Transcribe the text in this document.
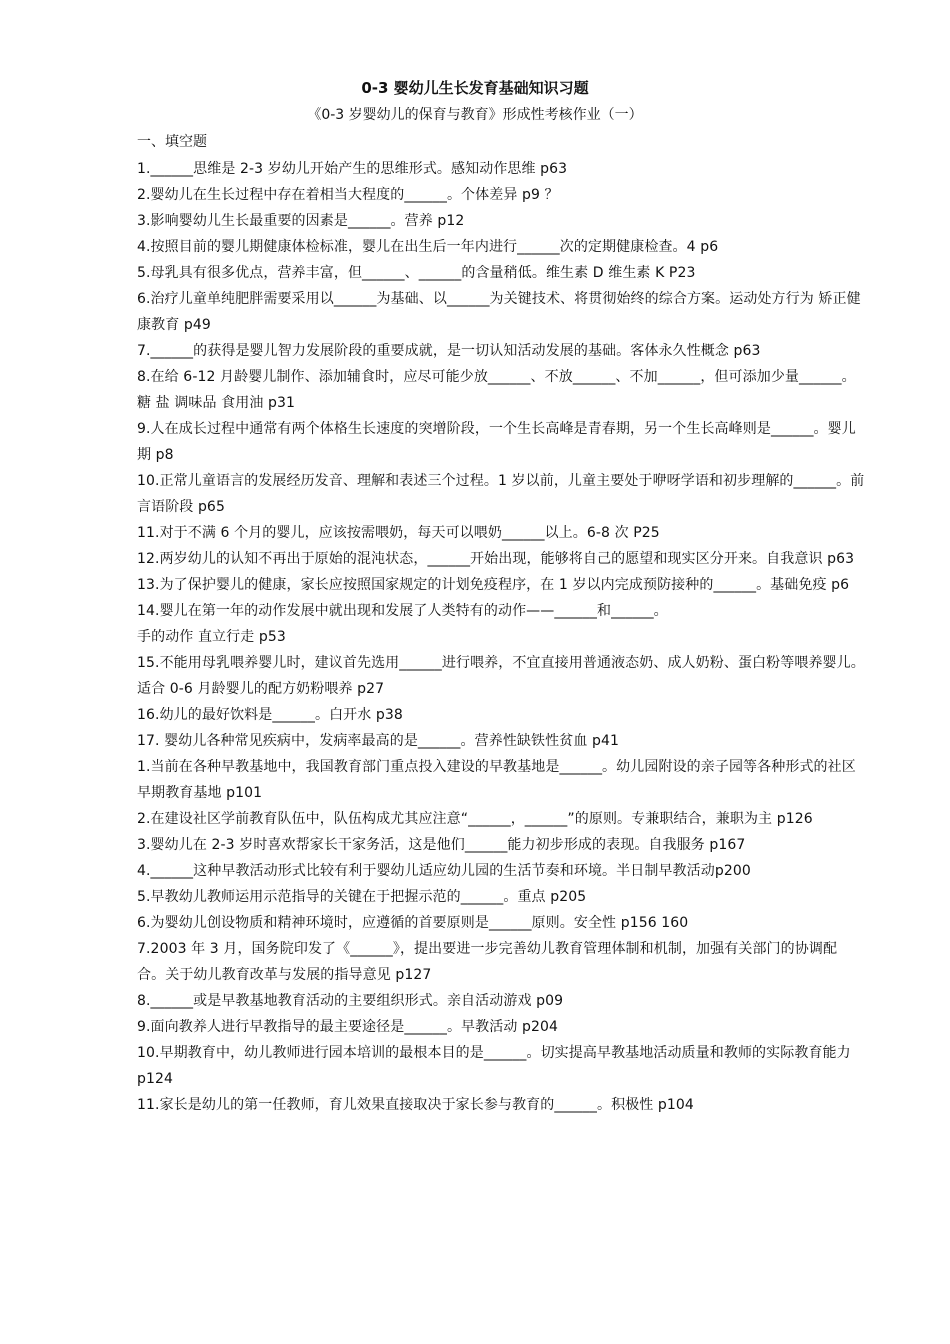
0-3 婴幼儿生长发育基础知识习题
《0-3 岁婴幼儿的保育与教育》形成性考核作业（一）
一、填空题

1.______思维是 2-3 岁幼儿开始产生的思维形式。感知动作思维 p63

2.婴幼儿在生长过程中存在着相当大程度的______。个体差异 p9 ？

3.影响婴幼儿生长最重要的因素是______。营养 p12

4.按照目前的婴儿期健康体检标准，婴儿在出生后一年内进行______次的定期健康检查。4 p6

5.母乳具有很多优点，营养丰富，但______、______的含量稍低。维生素 D 维生素 K P23

6.治疗儿童单纯肥胖需要采用以______为基础、以______为关键技术、将贯彻始终的综合方案。运动处方行为 矫正健康教育 p49

7.______的获得是婴儿智力发展阶段的重要成就，是一切认知活动发展的基础。客体永久性概念 p63

8.在给 6-12 月龄婴儿制作、添加辅食时，应尽可能少放______、不放______、不加______，但可添加少量______。糖 盐 调味品 食用油 p31

9.人在成长过程中通常有两个体格生长速度的突增阶段，一个生长高峰是青春期，另一个生长高峰则是______。婴儿期 p8

10.正常儿童语言的发展经历发音、理解和表述三个过程。1 岁以前，儿童主要处于咿呀学语和初步理解的______。前言语阶段 p65

11.对于不满 6 个月的婴儿，应该按需喂奶，每天可以喂奶______以上。6-8 次 P25

12.两岁幼儿的认知不再出于原始的混沌状态，______开始出现，能够将自己的愿望和现实区分开来。自我意识 p63

13.为了保护婴儿的健康，家长应按照国家规定的计划免疫程序，在 1 岁以内完成预防接种的______。基础免疫 p6

14.婴儿在第一年的动作发展中就出现和发展了人类特有的动作——______和______。

手的动作 直立行走 p53

15.不能用母乳喂养婴儿时，建议首先选用______进行喂养，不宜直接用普通液态奶、成人奶粉、蛋白粉等喂养婴儿。适合 0-6 月龄婴儿的配方奶粉喂养 p27

16.幼儿的最好饮料是______。白开水 p38

17. 婴幼儿各种常见疾病中，发病率最高的是______。营养性缺铁性贫血 p41

1.当前在各种早教基地中，我国教育部门重点投入建设的早教基地是______。幼儿园附设的亲子园等各种形式的社区早期教育基地 p101

2.在建设社区学前教育队伍中，队伍构成尤其应注意“______，______”的原则。专兼职结合，兼职为主 p126

3.婴幼儿在 2-3 岁时喜欢帮家长干家务活，这是他们______能力初步形成的表现。自我服务 p167

4.______这种早教活动形式比较有利于婴幼儿适应幼儿园的生活节奏和环境。半日制早教活动p200

5.早教幼儿教师运用示范指导的关键在于把握示范的______。重点 p205

6.为婴幼儿创设物质和精神环境时，应遵循的首要原则是______原则。安全性 p156 160

7.2003 年 3 月，国务院印发了《______》，提出要进一步完善幼儿教育管理体制和机制，加强有关部门的协调配合。关于幼儿教育改革与发展的指导意见 p127

8.______或是早教基地教育活动的主要组织形式。亲自活动游戏 p09

9.面向教养人进行早教指导的最主要途径是______。早教活动 p204

10.早期教育中，幼儿教师进行园本培训的最根本目的是______。切实提高早教基地活动质量和教师的实际教育能力

p124

11.家长是幼儿的第一任教师，育儿效果直接取决于家长参与教育的______。积极性 p104
